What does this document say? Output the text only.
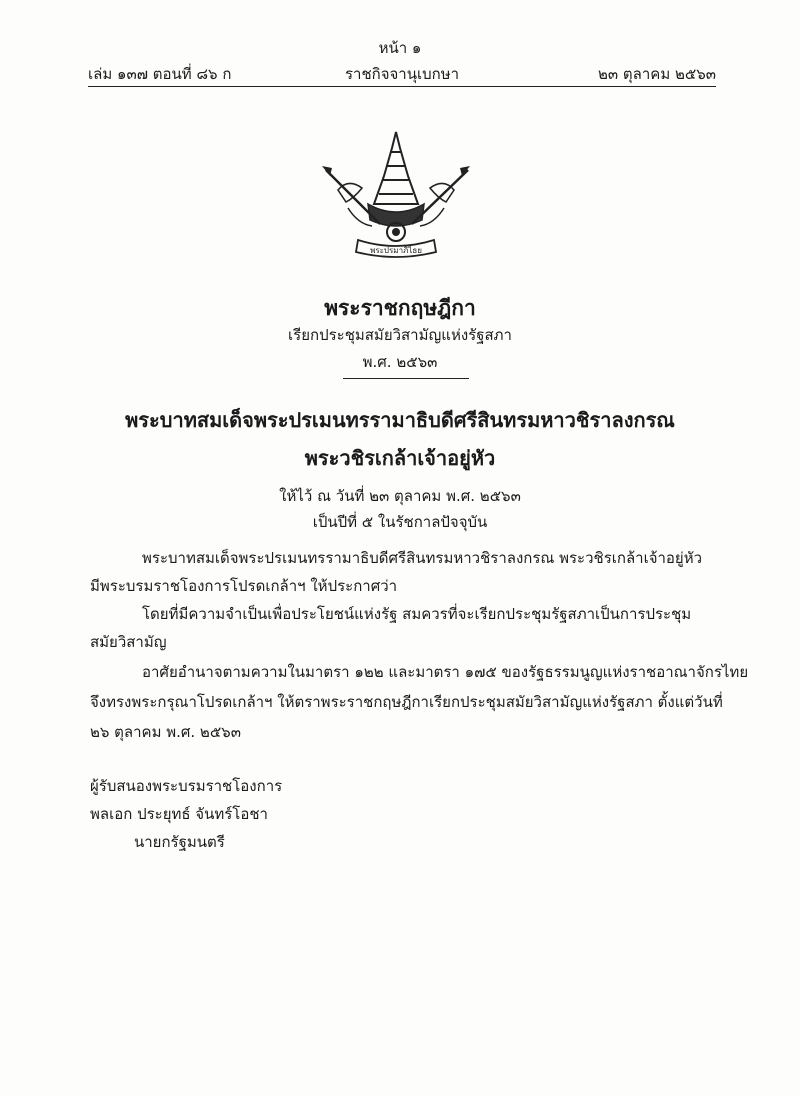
หน้า ๑
เล่ม ๑๓๗ ตอนที่ ๘๖ ก	ราชกิจจานุเบกษา	๒๓ ตุลาคม ๒๕๖๓
พระปรมาภิไธย
พระราชกฤษฎีกา
เรียกประชุมสมัยวิสามัญแห่งรัฐสภา
พ.ศ. ๒๕๖๓
พระบาทสมเด็จพระปรเมนทรรามาธิบดีศรีสินทรมหาวชิราลงกรณ
พระวชิรเกล้าเจ้าอยู่หัว
ให้ไว้ ณ วันที่ ๒๓ ตุลาคม พ.ศ. ๒๕๖๓
เป็นปีที่ ๕ ในรัชกาลปัจจุบัน
พระบาทสมเด็จพระปรเมนทรรามาธิบดีศรีสินทรมหาวชิราลงกรณ พระวชิรเกล้าเจ้าอยู่หัว
มีพระบรมราชโองการโปรดเกล้าฯ ให้ประกาศว่า
โดยที่มีความจำเป็นเพื่อประโยชน์แห่งรัฐ สมควรที่จะเรียกประชุมรัฐสภาเป็นการประชุม
สมัยวิสามัญ
อาศัยอำนาจตามความในมาตรา ๑๒๒ และมาตรา ๑๗๕ ของรัฐธรรมนูญแห่งราชอาณาจักรไทย
จึงทรงพระกรุณาโปรดเกล้าฯ ให้ตราพระราชกฤษฎีกาเรียกประชุมสมัยวิสามัญแห่งรัฐสภา ตั้งแต่วันที่
๒๖ ตุลาคม พ.ศ. ๒๕๖๓
ผู้รับสนองพระบรมราชโองการ
พลเอก ประยุทธ์ จันทร์โอชา
นายกรัฐมนตรี
